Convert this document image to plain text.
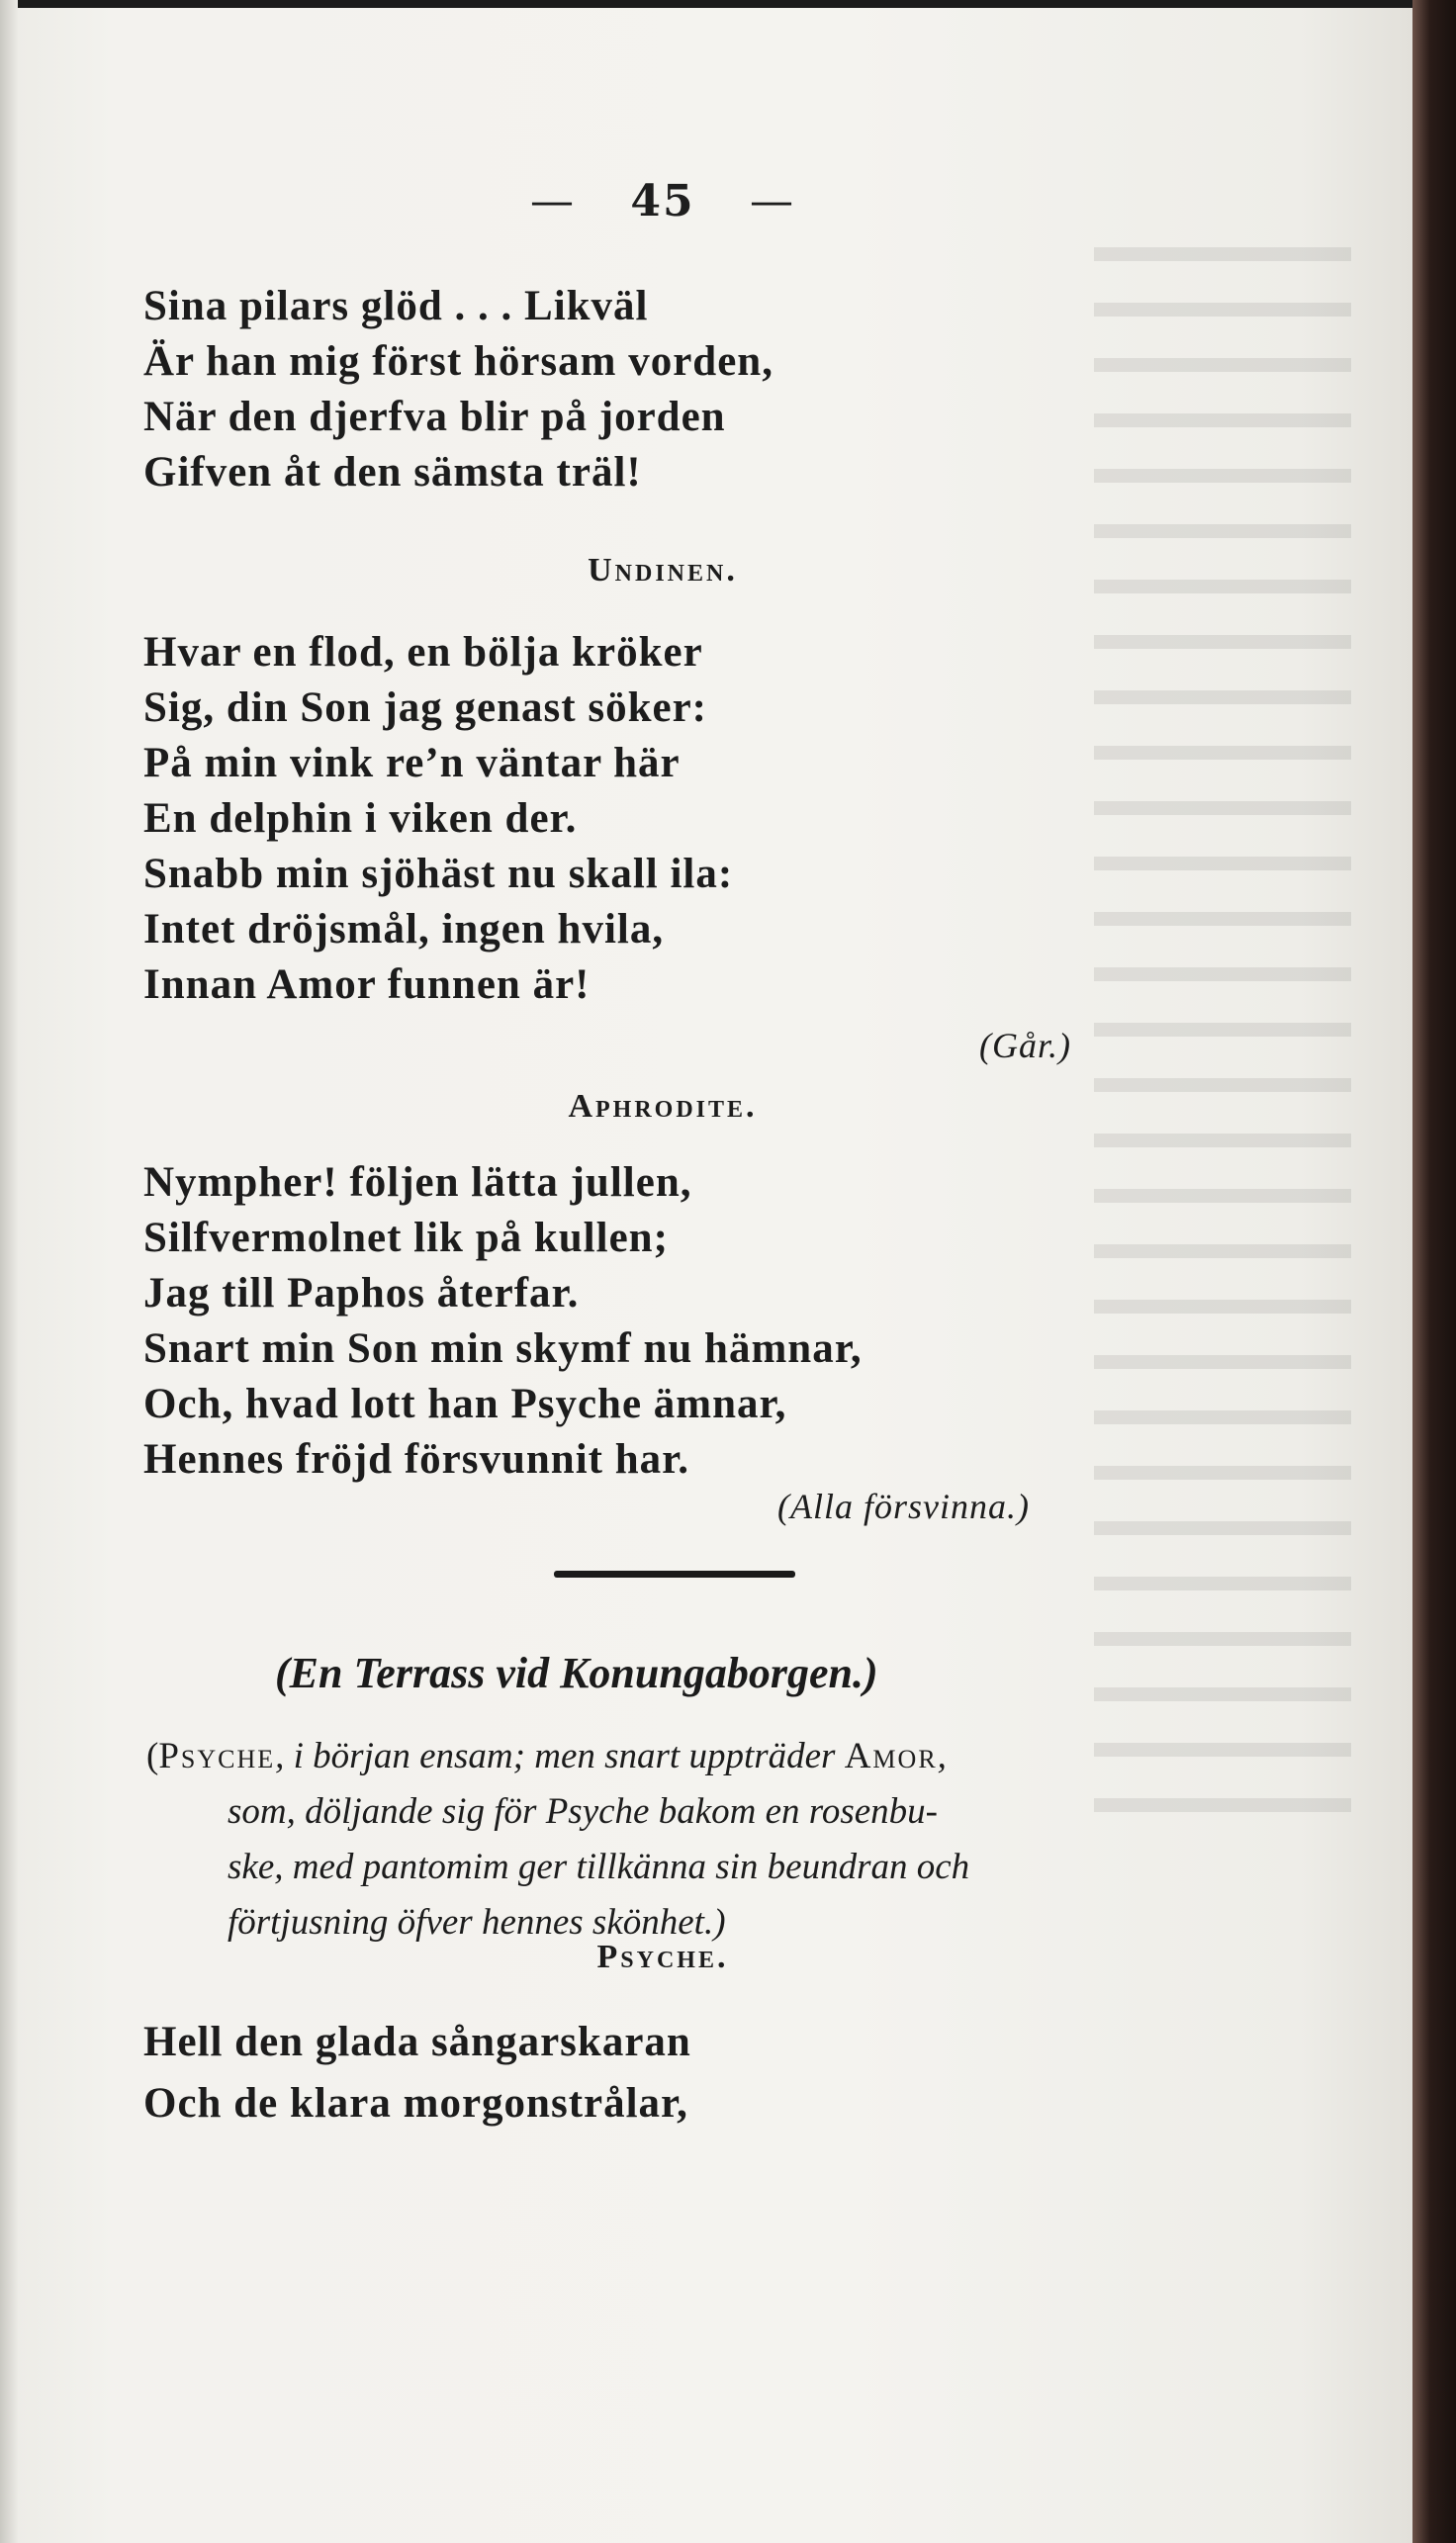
— 45 —
Sina pilars glöd . . . Likväl
Är han mig först hörsam vorden,
När den djerfva blir på jorden
Gifven åt den sämsta träl!
Undinen.
Hvar en flod, en bölja kröker
Sig, din Son jag genast söker:
På min vink re’n väntar här
En delphin i viken der.
Snabb min sjöhäst nu skall ila:
Intet dröjsmål, ingen hvila,
Innan Amor funnen är!
(Går.)
Aphrodite.
Nympher! följen lätta jullen,
Silfvermolnet lik på kullen;
Jag till Paphos återfar.
Snart min Son min skymf nu hämnar,
Och, hvad lott han Psyche ämnar,
Hennes fröjd försvunnit har.
(Alla försvinna.)
(En Terrass vid Konungaborgen.)
(Psyche, i början ensam; men snart uppträder Amor,
som, döljande sig för Psyche bakom en rosenbu-
ske, med pantomim ger tillkänna sin beundran och
förtjusning öfver hennes skönhet.)
Psyche.
Hell den glada sångarskaran
Och de klara morgonstrålar,
